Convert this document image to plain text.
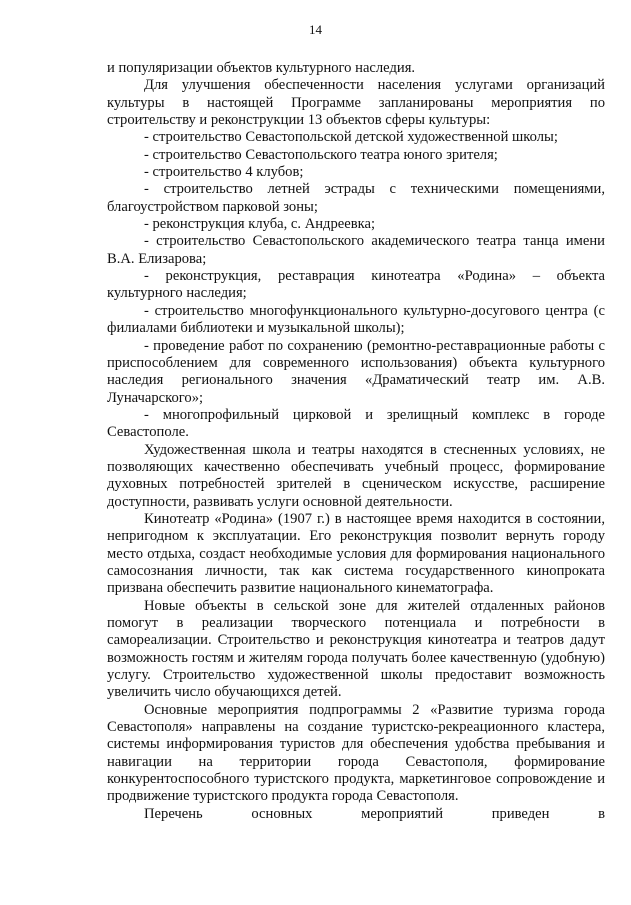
14

и популяризации объектов культурного наследия.

Для улучшения обеспеченности населения услугами организаций культуры в настоящей Программе запланированы мероприятия по строительству и реконструкции 13 объектов сферы культуры:

- строительство Севастопольской детской художественной школы;

- строительство Севастопольского театра юного зрителя;

- строительство 4 клубов;

- строительство летней эстрады с техническими помещениями, благоустройством парковой зоны;

- реконструкция клуба, с. Андреевка;

- строительство Севастопольского академического театра танца имени В.А. Елизарова;

- реконструкция, реставрация кинотеатра «Родина» – объекта культурного наследия;

- строительство многофункционального культурно-досугового центра (с филиалами библиотеки и музыкальной школы);

- проведение работ по сохранению (ремонтно-реставрационные работы с приспособлением для современного использования) объекта культурного наследия регионального значения «Драматический театр им. А.В. Луначарского»;

- многопрофильный цирковой и зрелищный комплекс в городе Севастополе.

Художественная школа и театры находятся в стесненных условиях, не позволяющих качественно обеспечивать учебный процесс, формирование духовных потребностей зрителей в сценическом искусстве, расширение доступности, развивать услуги основной деятельности.

Кинотеатр «Родина» (1907 г.) в настоящее время находится в состоянии, непригодном к эксплуатации. Его реконструкция позволит вернуть городу место отдыха, создаст необходимые условия для формирования национального самосознания личности, так как система государственного кинопроката призвана обеспечить развитие национального кинематографа.

Новые объекты в сельской зоне для жителей отдаленных районов помогут в реализации творческого потенциала и потребности в самореализации. Строительство и реконструкция кинотеатра и театров дадут возможность гостям и жителям города получать более качественную (удобную) услугу. Строительство художественной школы предоставит возможность увеличить число обучающихся детей.

Основные мероприятия подпрограммы 2 «Развитие туризма города Севастополя» направлены на создание туристско-рекреационного кластера, системы информирования туристов для обеспечения удобства пребывания и навигации на территории города Севастополя, формирование конкурентоспособного туристского продукта, маркетинговое сопровождение и продвижение туристского продукта города Севастополя.

Перечень основных мероприятий приведен в
